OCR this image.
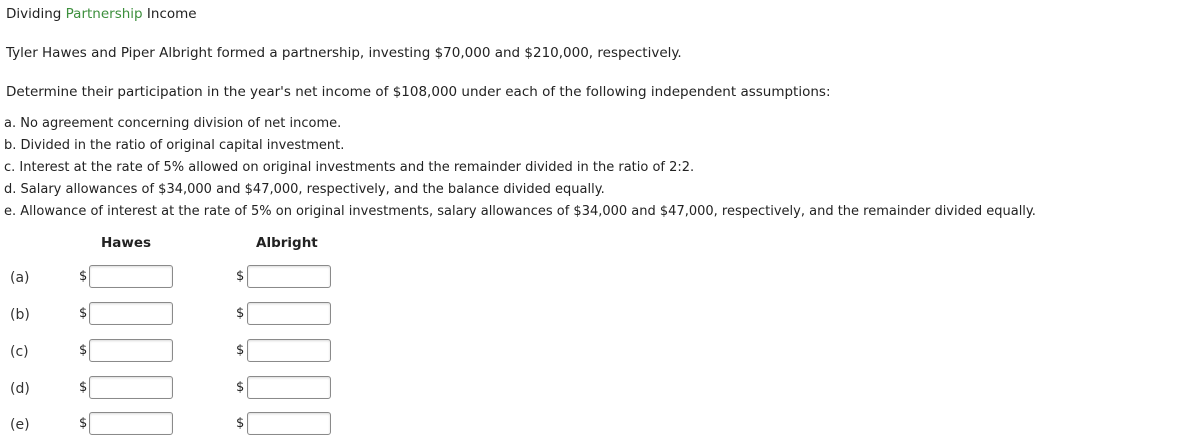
Dividing Partnership Income
Tyler Hawes and Piper Albright formed a partnership, investing $70,000 and $210,000, respectively.
Determine their participation in the year's net income of $108,000 under each of the following independent assumptions:
a. No agreement concerning division of net income.
b. Divided in the ratio of original capital investment.
c. Interest at the rate of 5% allowed on original investments and the remainder divided in the ratio of 2:2.
d. Salary allowances of $34,000 and $47,000, respectively, and the balance divided equally.
e. Allowance of interest at the rate of 5% on original investments, salary allowances of $34,000 and $47,000, respectively, and the remainder divided equally.
Hawes	Albright
(a)	$	$
(b)	$	$
(c)	$	$
(d)	$	$
(e)	$	$
